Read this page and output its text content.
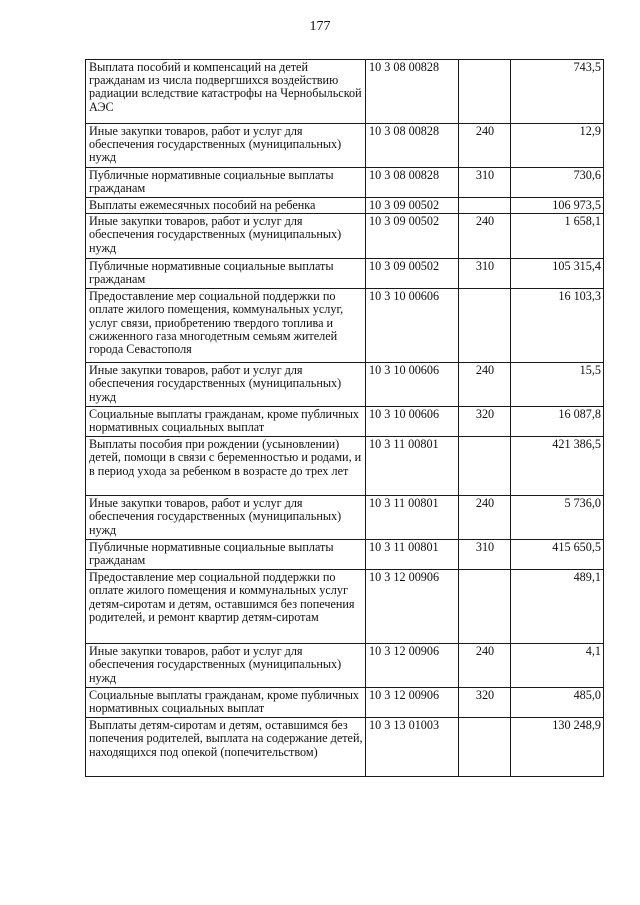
177
Выплата пособий и компенсаций на детей гражданам из числа подвергшихся воздействию радиации вследствие катастрофы на Чернобыльской АЭС	10 3 08 00828		743,5
Иные закупки товаров, работ и услуг для обеспечения государственных (муниципальных) нужд	10 3 08 00828	240	12,9
Публичные нормативные социальные выплаты гражданам	10 3 08 00828	310	730,6
Выплаты ежемесячных пособий на ребенка	10 3 09 00502		106 973,5
Иные закупки товаров, работ и услуг для обеспечения государственных (муниципальных) нужд	10 3 09 00502	240	1 658,1
Публичные нормативные социальные выплаты гражданам	10 3 09 00502	310	105 315,4
Предоставление мер социальной поддержки по оплате жилого помещения, коммунальных услуг, услуг связи, приобретению твердого топлива и сжиженного газа многодетным семьям жителей города Севастополя	10 3 10 00606		16 103,3
Иные закупки товаров, работ и услуг для обеспечения государственных (муниципальных) нужд	10 3 10 00606	240	15,5
Социальные выплаты гражданам, кроме публичных нормативных социальных выплат	10 3 10 00606	320	16 087,8
Выплаты пособия при рождении (усыновлении) детей, помощи в связи с беременностью и родами, и в период ухода за ребенком в возрасте до трех лет	10 3 11 00801		421 386,5
Иные закупки товаров, работ и услуг для обеспечения государственных (муниципальных) нужд	10 3 11 00801	240	5 736,0
Публичные нормативные социальные выплаты гражданам	10 3 11 00801	310	415 650,5
Предоставление мер социальной поддержки по оплате жилого помещения и коммунальных услуг детям-сиротам и детям, оставшимся без попечения родителей, и ремонт квартир детям-сиротам	10 3 12 00906		489,1
Иные закупки товаров, работ и услуг для обеспечения государственных (муниципальных) нужд	10 3 12 00906	240	4,1
Социальные выплаты гражданам, кроме публичных нормативных социальных выплат	10 3 12 00906	320	485,0
Выплаты детям-сиротам и детям, оставшимся без попечения родителей, выплата на содержание детей, находящихся под опекой (попечительством)	10 3 13 01003		130 248,9
